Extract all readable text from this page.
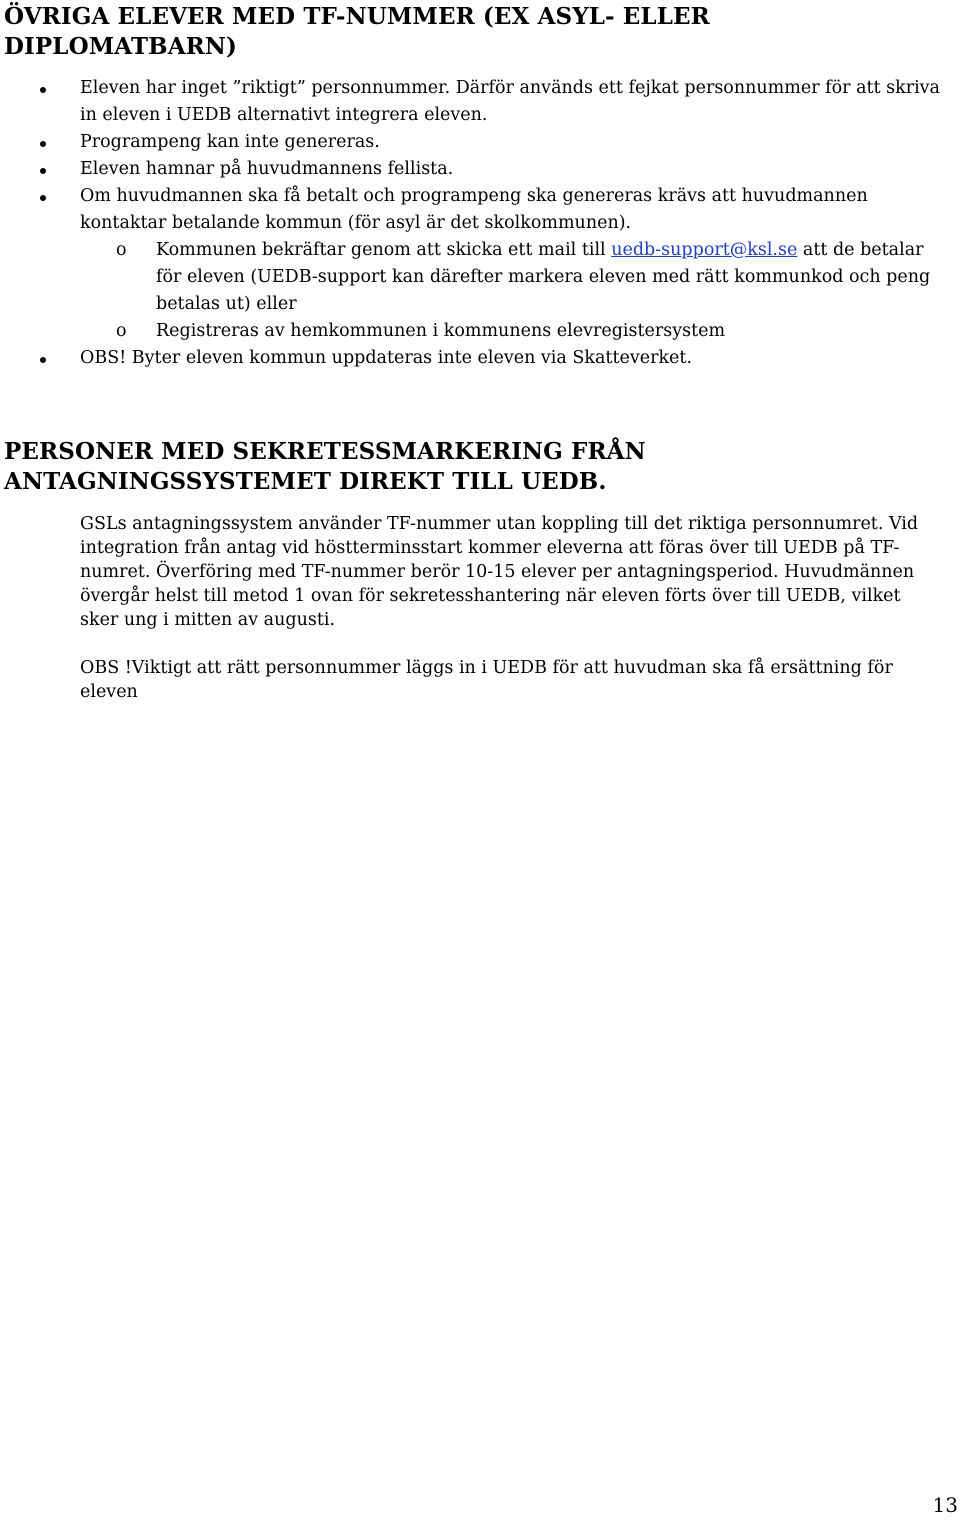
ÖVRIGA ELEVER MED TF-NUMMER (EX ASYL- ELLER DIPLOMATBARN)
Eleven har inget ”riktigt” personnummer. Därför används ett fejkat personnummer för att skriva in eleven i UEDB alternativt integrera eleven.
Programpeng kan inte genereras.
Eleven hamnar på huvudmannens fellista.
Om huvudmannen ska få betalt och programpeng ska genereras krävs att huvudmannen kontaktar betalande kommun (för asyl är det skolkommunen).
o Kommunen bekräftar genom att skicka ett mail till uedb-support@ksl.se att de betalar för eleven (UEDB-support kan därefter markera eleven med rätt kommunkod och peng betalas ut) eller
o Registreras av hemkommunen i kommunens elevregistersystem
OBS! Byter eleven kommun uppdateras inte eleven via Skatteverket.
PERSONER MED SEKRETESSMARKERING FRÅN ANTAGNINGSSYSTEMET DIREKT TILL UEDB.

GSLs antagningssystem använder TF-nummer utan koppling till det riktiga personnumret. Vid integration från antag vid höstterminsstart kommer eleverna att föras över till UEDB på TF-numret. Överföring med TF-nummer berör 10-15 elever per antagningsperiod. Huvudmännen övergår helst till metod 1 ovan för sekretesshantering när eleven förts över till UEDB, vilket sker ung i mitten av augusti.

OBS !Viktigt att rätt personnummer läggs in i UEDB för att huvudman ska få ersättning för eleven

13
